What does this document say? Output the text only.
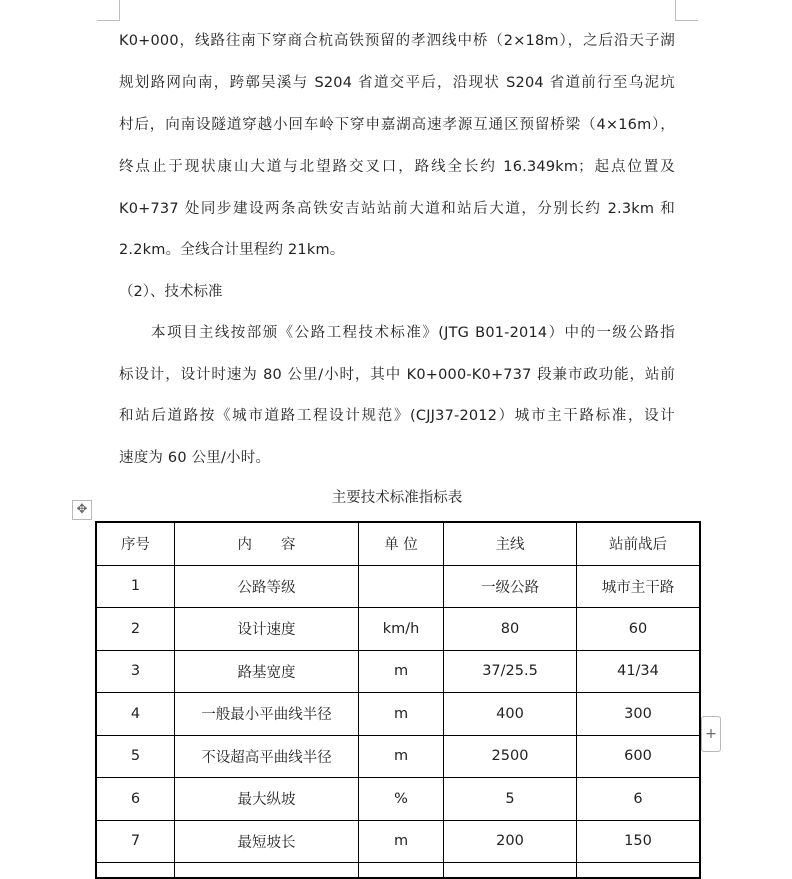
K0+000，线路往南下穿商合杭高铁预留的孝泗线中桥（2×18m），之后沿天子湖
规划路网向南，跨鄣吴溪与 S204 省道交平后，沿现状 S204 省道前行至乌泥坑
村后，向南设隧道穿越小回车岭下穿申嘉湖高速孝源互通区预留桥梁（4×16m），
终点止于现状康山大道与北望路交叉口，路线全长约 16.349km；起点位置及
K0+737 处同步建设两条高铁安吉站站前大道和站后大道，分别长约 2.3km 和
2.2km。全线合计里程约 21km。
（2）、技术标准
本项目主线按部颁《公路工程技术标准》(JTG B01-2014）中的一级公路指
标设计，设计时速为 80 公里/小时，其中 K0+000-K0+737 段兼市政功能，站前
和站后道路按《城市道路工程设计规范》(CJJ37-2012）城市主干路标准，设计
速度为 60 公里/小时。
主要技术标准指标表
✥
序号	内　　容	单 位	主线	站前战后
1	公路等级		一级公路	城市主干路
2	设计速度	km/h	80	60
3	路基宽度	m	37/25.5	41/34
4	一般最小平曲线半径	m	400	300
5	不设超高平曲线半径	m	2500	600
6	最大纵坡	%	5	6
7	最短坡长	m	200	150

+
